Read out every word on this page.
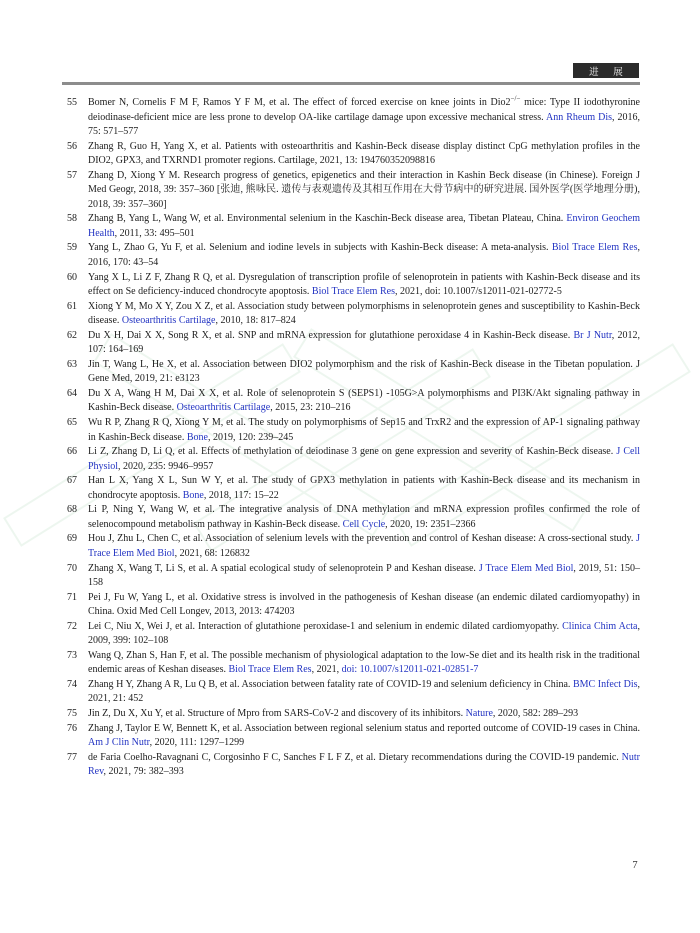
进 展
55 Bomer N, Cornelis F M F, Ramos Y F M, et al. The effect of forced exercise on knee joints in Dio2−/− mice: Type II iodothyronine deiodinase-deficient mice are less prone to develop OA-like cartilage damage upon excessive mechanical stress. Ann Rheum Dis, 2016, 75: 571–577
56 Zhang R, Guo H, Yang X, et al. Patients with osteoarthritis and Kashin-Beck disease display distinct CpG methylation profiles in the DIO2, GPX3, and TXRND1 promoter regions. Cartilage, 2021, 13: 194760352098816
57 Zhang D, Xiong Y M. Research progress of genetics, epigenetics and their interaction in Kashin Beck disease (in Chinese). Foreign J Med Geogr, 2018, 39: 357–360 [张迪, 熊咏民. 遗传与表观遗传及其相互作用在大骨节病中的研究进展. 国外医学(医学地理分册), 2018, 39: 357–360]
58 Zhang B, Yang L, Wang W, et al. Environmental selenium in the Kaschin-Beck disease area, Tibetan Plateau, China. Environ Geochem Health, 2011, 33: 495–501
59 Yang L, Zhao G, Yu F, et al. Selenium and iodine levels in subjects with Kashin-Beck disease: A meta-analysis. Biol Trace Elem Res, 2016, 170: 43–54
60 Yang X L, Li Z F, Zhang R Q, et al. Dysregulation of transcription profile of selenoprotein in patients with Kashin-Beck disease and its effect on Se deficiency-induced chondrocyte apoptosis. Biol Trace Elem Res, 2021, doi: 10.1007/s12011-021-02772-5
61 Xiong Y M, Mo X Y, Zou X Z, et al. Association study between polymorphisms in selenoprotein genes and susceptibility to Kashin-Beck disease. Osteoarthritis Cartilage, 2010, 18: 817–824
62 Du X H, Dai X X, Song R X, et al. SNP and mRNA expression for glutathione peroxidase 4 in Kashin-Beck disease. Br J Nutr, 2012, 107: 164–169
63 Jin T, Wang L, He X, et al. Association between DIO2 polymorphism and the risk of Kashin-Beck disease in the Tibetan population. J Gene Med, 2019, 21: e3123
64 Du X A, Wang H M, Dai X X, et al. Role of selenoprotein S (SEPS1) -105G>A polymorphisms and PI3K/Akt signaling pathway in Kashin-Beck disease. Osteoarthritis Cartilage, 2015, 23: 210–216
65 Wu R P, Zhang R Q, Xiong Y M, et al. The study on polymorphisms of Sep15 and TrxR2 and the expression of AP-1 signaling pathway in Kashin-Beck disease. Bone, 2019, 120: 239–245
66 Li Z, Zhang D, Li Q, et al. Effects of methylation of deiodinase 3 gene on gene expression and severity of Kashin-Beck disease. J Cell Physiol, 2020, 235: 9946–9957
67 Han L X, Yang X L, Sun W Y, et al. The study of GPX3 methylation in patients with Kashin-Beck disease and its mechanism in chondrocyte apoptosis. Bone, 2018, 117: 15–22
68 Li P, Ning Y, Wang W, et al. The integrative analysis of DNA methylation and mRNA expression profiles confirmed the role of selenocompound metabolism pathway in Kashin-Beck disease. Cell Cycle, 2020, 19: 2351–2366
69 Hou J, Zhu L, Chen C, et al. Association of selenium levels with the prevention and control of Keshan disease: A cross-sectional study. J Trace Elem Med Biol, 2021, 68: 126832
70 Zhang X, Wang T, Li S, et al. A spatial ecological study of selenoprotein P and Keshan disease. J Trace Elem Med Biol, 2019, 51: 150–158
71 Pei J, Fu W, Yang L, et al. Oxidative stress is involved in the pathogenesis of Keshan disease (an endemic dilated cardiomyopathy) in China. Oxid Med Cell Longev, 2013, 2013: 474203
72 Lei C, Niu X, Wei J, et al. Interaction of glutathione peroxidase-1 and selenium in endemic dilated cardiomyopathy. Clinica Chim Acta, 2009, 399: 102–108
73 Wang Q, Zhan S, Han F, et al. The possible mechanism of physiological adaptation to the low-Se diet and its health risk in the traditional endemic areas of Keshan diseases. Biol Trace Elem Res, 2021, doi: 10.1007/s12011-021-02851-7
74 Zhang H Y, Zhang A R, Lu Q B, et al. Association between fatality rate of COVID-19 and selenium deficiency in China. BMC Infect Dis, 2021, 21: 452
75 Jin Z, Du X, Xu Y, et al. Structure of Mpro from SARS-CoV-2 and discovery of its inhibitors. Nature, 2020, 582: 289–293
76 Zhang J, Taylor E W, Bennett K, et al. Association between regional selenium status and reported outcome of COVID-19 cases in China. Am J Clin Nutr, 2020, 111: 1297–1299
77 de Faria Coelho-Ravagnani C, Corgosinho F C, Sanches F L F Z, et al. Dietary recommendations during the COVID-19 pandemic. Nutr Rev, 2021, 79: 382–393
7
